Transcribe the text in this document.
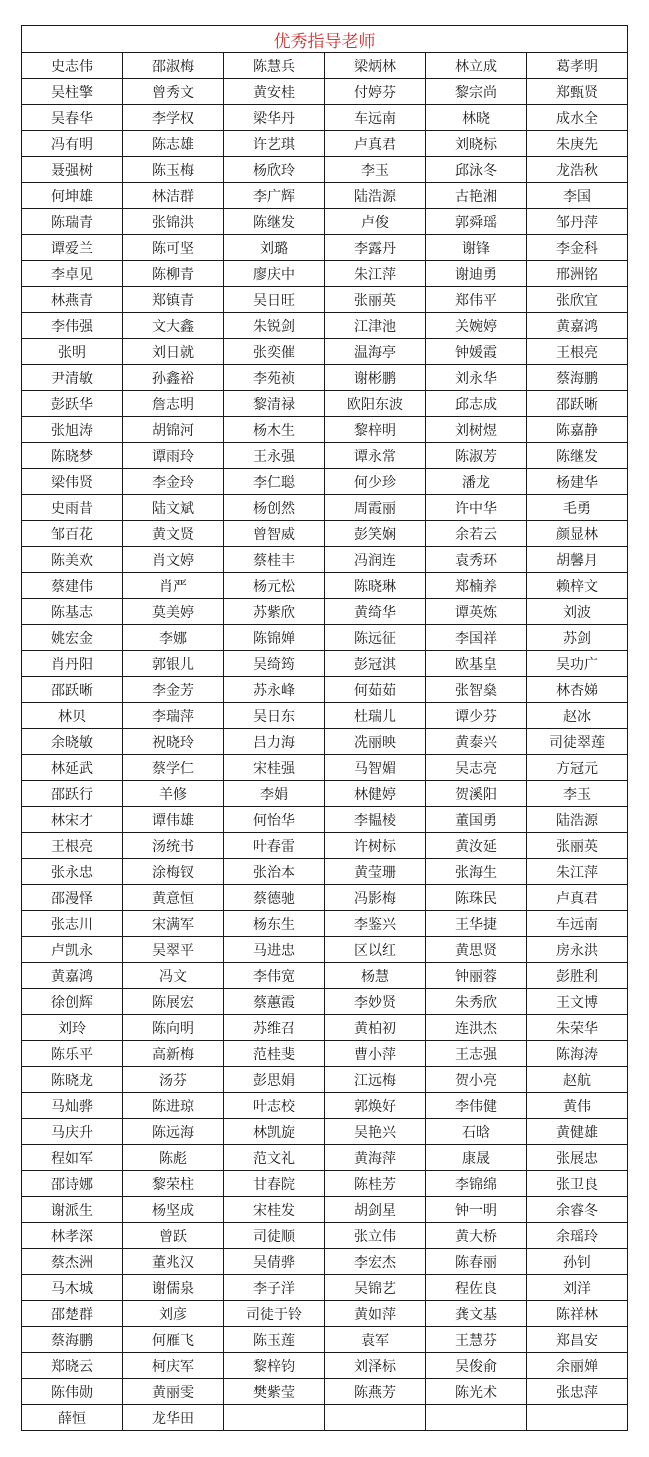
优秀指导老师					
史志伟	邵淑梅	陈慧兵	梁炳林	林立成	葛孝明
吴柱擎	曾秀文	黄安桂	付婷芬	黎宗尚	郑甄贤
吴春华	李学权	梁华丹	车远南	林晓	成水全
冯有明	陈志雄	许艺琪	卢真君	刘晓标	朱庚先
聂强树	陈玉梅	杨欣玲	李玉	邱泳冬	龙浩秋
何坤雄	林洁群	李广辉	陆浩源	古艳湘	李国
陈瑞青	张锦洪	陈继发	卢俊	郭舜瑶	邹丹萍
谭爱兰	陈可坚	刘璐	李露丹	谢锋	李金科
李卓见	陈柳青	廖庆中	朱江萍	谢迪勇	邢洲铭
林燕青	郑镇青	吴日旺	张丽英	郑伟平	张欣宜
李伟强	文大鑫	朱锐剑	江津池	关婉婷	黄嘉鸿
张明	刘日就	张奕催	温海亭	钟媛霞	王根亮
尹清敏	孙鑫裕	李苑祯	谢彬鹏	刘永华	蔡海鹏
彭跃华	詹志明	黎清禄	欧阳东波	邱志成	邵跃晰
张旭涛	胡锦河	杨木生	黎梓明	刘树煜	陈嘉静
陈晓梦	谭雨玲	王永强	谭永常	陈淑芳	陈继发
梁伟贤	李金玲	李仁聪	何少珍	潘龙	杨建华
史雨昔	陆文斌	杨创然	周霞丽	许中华	毛勇
邹百花	黄文贤	曾智威	彭笑娴	余若云	颜显林
陈美欢	肖文婷	蔡桂丰	冯润连	袁秀环	胡馨月
蔡建伟	肖严	杨元松	陈晓琳	郑楠养	赖梓文
陈基志	莫美婷	苏紫欣	黄绮华	谭英炼	刘波
姚宏金	李娜	陈锦婵	陈远征	李国祥	苏剑
肖丹阳	郭银儿	吴绮筠	彭冠淇	欧基皇	吴功广
邵跃晰	李金芳	苏永峰	何茹茹	张智燊	林杏娣
林贝	李瑞萍	吴日东	杜瑞儿	谭少芬	赵冰
余晓敏	祝晓玲	吕力海	冼丽映	黄泰兴	司徒翠莲
林延武	蔡学仁	宋桂强	马智媚	吴志亮	方冠元
邵跃行	羊修	李娟	林健婷	贺溪阳	李玉
林宋才	谭伟雄	何怡华	李韫棱	董国勇	陆浩源
王根亮	汤统书	叶春雷	许树标	黄汝延	张丽英
张永忠	涂梅钗	张治本	黄莹珊	张海生	朱江萍
邵漫怿	黄意恒	蔡德驰	冯影梅	陈珠民	卢真君
张志川	宋满军	杨东生	李鉴兴	王华捷	车远南
卢凯永	吴翠平	马进忠	区以红	黄思贤	房永洪
黄嘉鸿	冯文	李伟宽	杨慧	钟丽蓉	彭胜利
徐创辉	陈展宏	蔡蕙霞	李妙贤	朱秀欣	王文博
刘玲	陈向明	苏维召	黄柏初	连洪杰	朱荣华
陈乐平	高新梅	范桂斐	曹小萍	王志强	陈海涛
陈晓龙	汤芬	彭思娟	江远梅	贺小亮	赵航
马灿骅	陈进琼	叶志校	郭焕好	李伟健	黄伟
马庆升	陈远海	林凯旋	吴艳兴	石晗	黄健雄
程如军	陈彪	范文礼	黄海萍	康晟	张展忠
邵诗娜	黎荣柱	甘春院	陈桂芳	李锦绵	张卫良
谢派生	杨坚成	宋桂发	胡剑星	钟一明	余睿冬
林孝深	曾跃	司徒顺	张立伟	黄大桥	余瑶玲
蔡杰洲	董兆汉	吴倩骅	李宏杰	陈春丽	孙钊
马木城	谢儒泉	李子洋	吴锦艺	程佐良	刘洋
邵楚群	刘彦	司徒于铃	黄如萍	龚文基	陈祥林
蔡海鹏	何雁飞	陈玉莲	袁军	王慧芬	郑昌安
郑晓云	柯庆军	黎梓钧	刘泽标	吴俊俞	余丽婵
陈伟勋	黄丽雯	樊紫莹	陈燕芳	陈光术	张忠萍
薛恒	龙华田				
